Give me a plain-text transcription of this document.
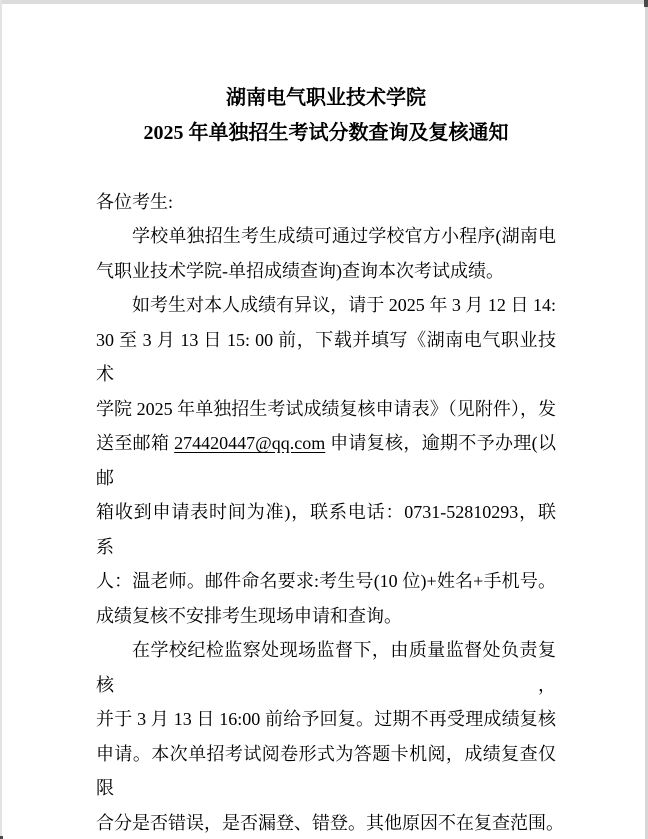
湖南电气职业技术学院
2025 年单独招生考试分数查询及复核通知
各位考生:
学校单独招生考生成绩可通过学校官方小程序(湖南电
气职业技术学院-单招成绩查询)查询本次考试成绩。
如考生对本人成绩有异议，请于 2025 年 3 月 12 日 14:
30 至 3 月 13 日 15: 00 前，下载并填写《湖南电气职业技术
学院 2025 年单独招生考试成绩复核申请表》（见附件），发
送至邮箱 274420447@qq.com 申请复核，逾期不予办理(以邮
箱收到申请表时间为准)，联系电话：0731-52810293，联系
人：温老师。邮件命名要求:考生号(10 位)+姓名+手机号。
成绩复核不安排考生现场申请和查询。
在学校纪检监察处现场监督下，由质量监督处负责复核，
并于 3 月 13 日 16:00 前给予回复。过期不再受理成绩复核
申请。本次单招考试阅卷形式为答题卡机阅，成绩复查仅限
合分是否错误，是否漏登、错登。其他原因不在复查范围。
